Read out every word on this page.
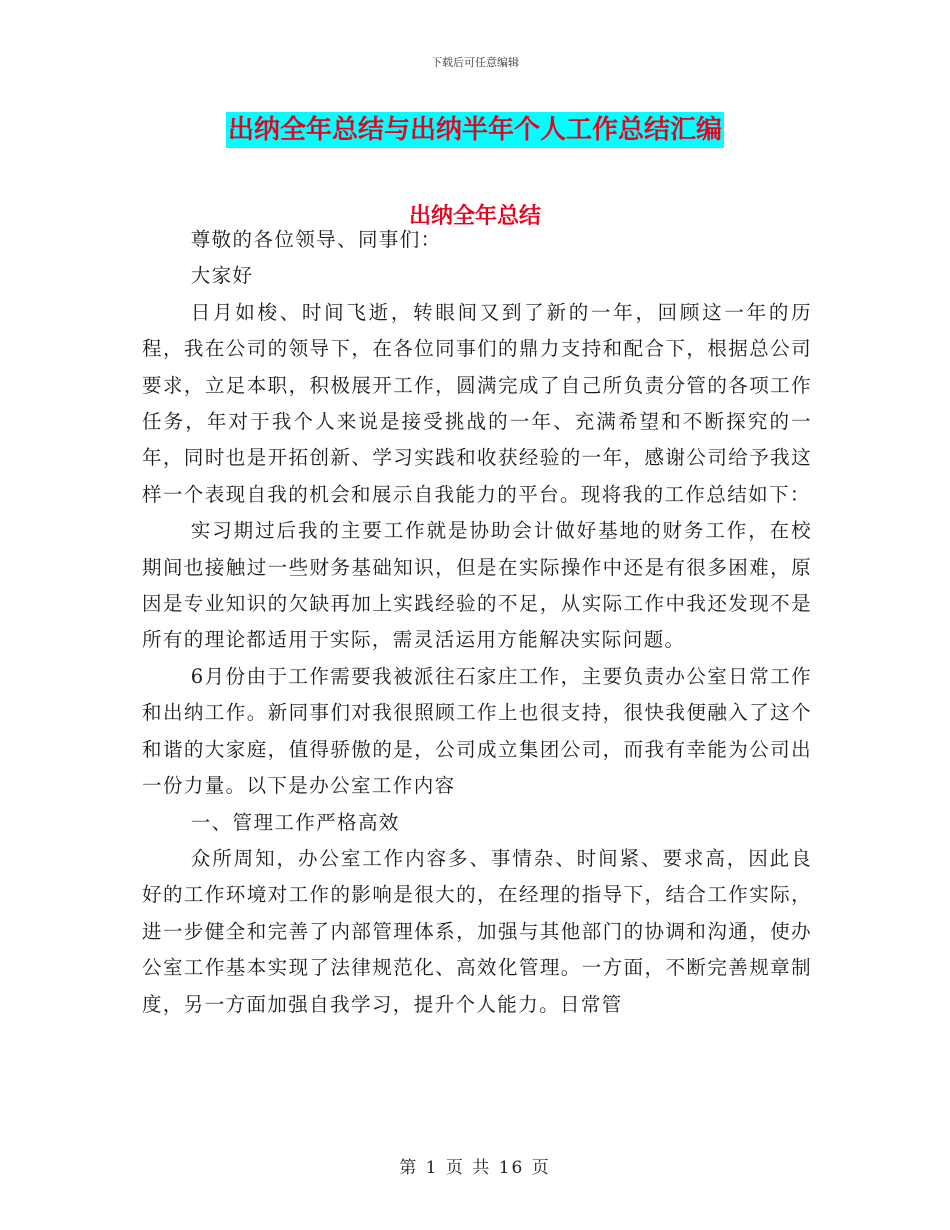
下载后可任意编辑
出纳全年总结与出纳半年个人工作总结汇编
出纳全年总结

尊敬的各位领导、同事们：

大家好

日月如梭、时间飞逝，转眼间又到了新的一年，回顾这一年的历程，我在公司的领导下，在各位同事们的鼎力支持和配合下，根据总公司要求，立足本职，积极展开工作，圆满完成了自己所负责分管的各项工作任务，年对于我个人来说是接受挑战的一年、充满希望和不断探究的一年，同时也是开拓创新、学习实践和收获经验的一年，感谢公司给予我这样一个表现自我的机会和展示自我能力的平台。现将我的工作总结如下：

实习期过后我的主要工作就是协助会计做好基地的财务工作，在校期间也接触过一些财务基础知识，但是在实际操作中还是有很多困难，原因是专业知识的欠缺再加上实践经验的不足，从实际工作中我还发现不是所有的理论都适用于实际，需灵活运用方能解决实际问题。

6月份由于工作需要我被派往石家庄工作，主要负责办公室日常工作和出纳工作。新同事们对我很照顾工作上也很支持，很快我便融入了这个和谐的大家庭，值得骄傲的是，公司成立集团公司，而我有幸能为公司出一份力量。以下是办公室工作内容

一、管理工作严格高效

众所周知，办公室工作内容多、事情杂、时间紧、要求高，因此良好的工作环境对工作的影响是很大的，在经理的指导下，结合工作实际，进一步健全和完善了内部管理体系，加强与其他部门的协调和沟通，使办公室工作基本实现了法律规范化、高效化管理。一方面，不断完善规章制度，另一方面加强自我学习，提升个人能力。日常管

第 1 页 共 16 页
